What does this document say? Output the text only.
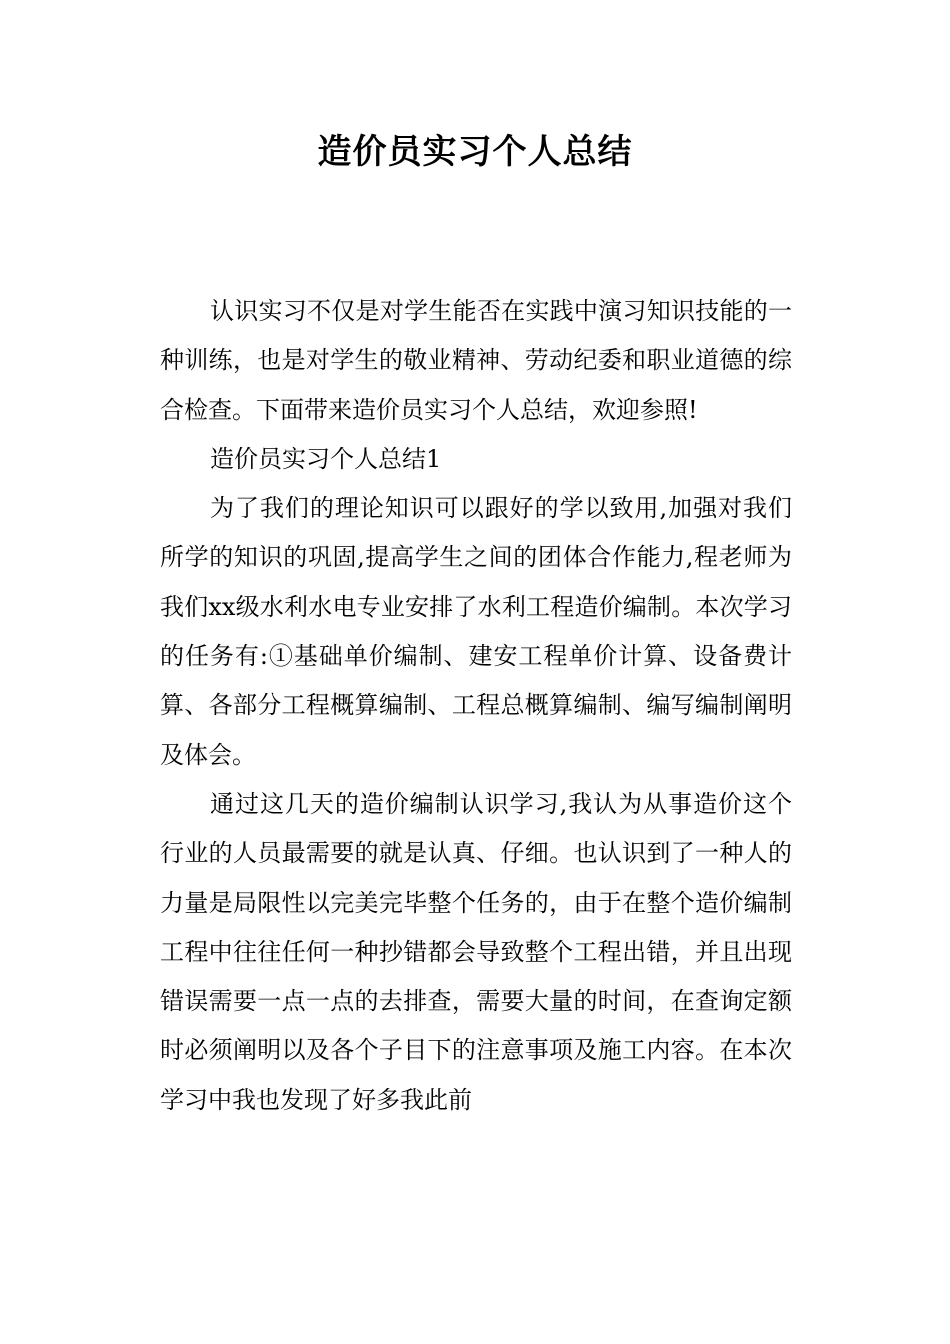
造价员实习个人总结

认识实习不仅是对学生能否在实践中演习知识技能的一种训练，也是对学生的敬业精神、劳动纪委和职业道德的综合检查。下面带来造价员实习个人总结，欢迎参照!

造价员实习个人总结1

为了我们的理论知识可以跟好的学以致用,加强对我们所学的知识的巩固,提高学生之间的团体合作能力,程老师为我们xx级水利水电专业安排了水利工程造价编制。本次学习的任务有:①基础单价编制、建安工程单价计算、设备费计算、各部分工程概算编制、工程总概算编制、编写编制阐明及体会。

通过这几天的造价编制认识学习,我认为从事造价这个行业的人员最需要的就是认真、仔细。也认识到了一种人的力量是局限性以完美完毕整个任务的，由于在整个造价编制工程中往往任何一种抄错都会导致整个工程出错，并且出现错误需要一点一点的去排查，需要大量的时间，在查询定额时必须阐明以及各个子目下的注意事项及施工内容。在本次学习中我也发现了好多我此前
